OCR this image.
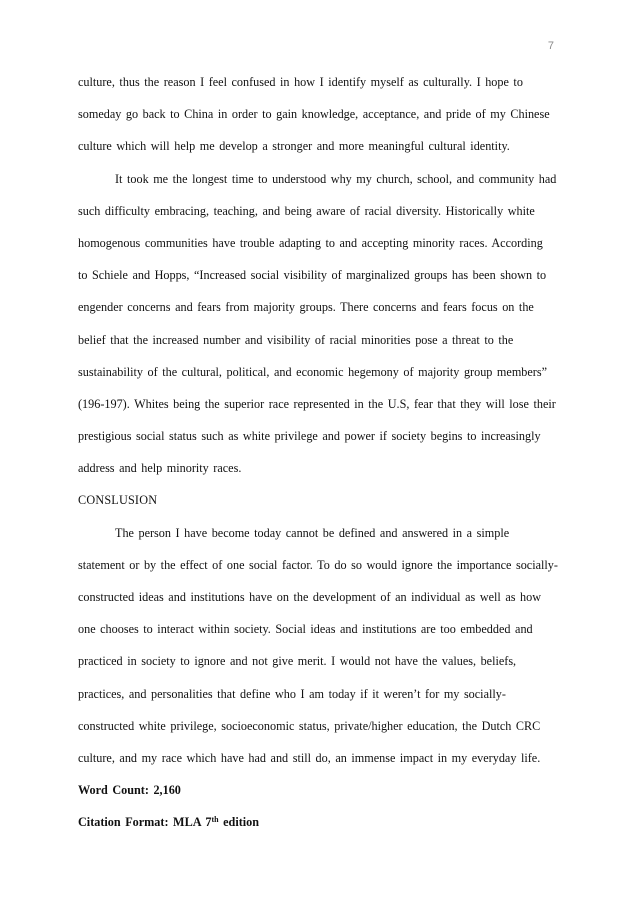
7
culture, thus the reason I feel confused in how I identify myself as culturally. I hope to
someday go back to China in order to gain knowledge, acceptance, and pride of my Chinese
culture which will help me develop a stronger and more meaningful cultural identity.
It took me the longest time to understood why my church, school, and community had
such difficulty embracing, teaching, and being aware of racial diversity. Historically white
homogenous communities have trouble adapting to and accepting minority races. According
to Schiele and Hopps, “Increased social visibility of marginalized groups has been shown to
engender concerns and fears from majority groups. There concerns and fears focus on the
belief that the increased number and visibility of racial minorities pose a threat to the
sustainability of the cultural, political, and economic hegemony of majority group members”
(196-197). Whites being the superior race represented in the U.S, fear that they will lose their
prestigious social status such as white privilege and power if society begins to increasingly
address and help minority races.
CONSLUSION
The person I have become today cannot be defined and answered in a simple
statement or by the effect of one social factor. To do so would ignore the importance socially-
constructed ideas and institutions have on the development of an individual as well as how
one chooses to interact within society. Social ideas and institutions are too embedded and
practiced in society to ignore and not give merit. I would not have the values, beliefs,
practices, and personalities that define who I am today if it weren’t for my socially-
constructed white privilege, socioeconomic status, private/higher education, the Dutch CRC
culture, and my race which have had and still do, an immense impact in my everyday life.
Word Count: 2,160
Citation Format: MLA 7th edition
